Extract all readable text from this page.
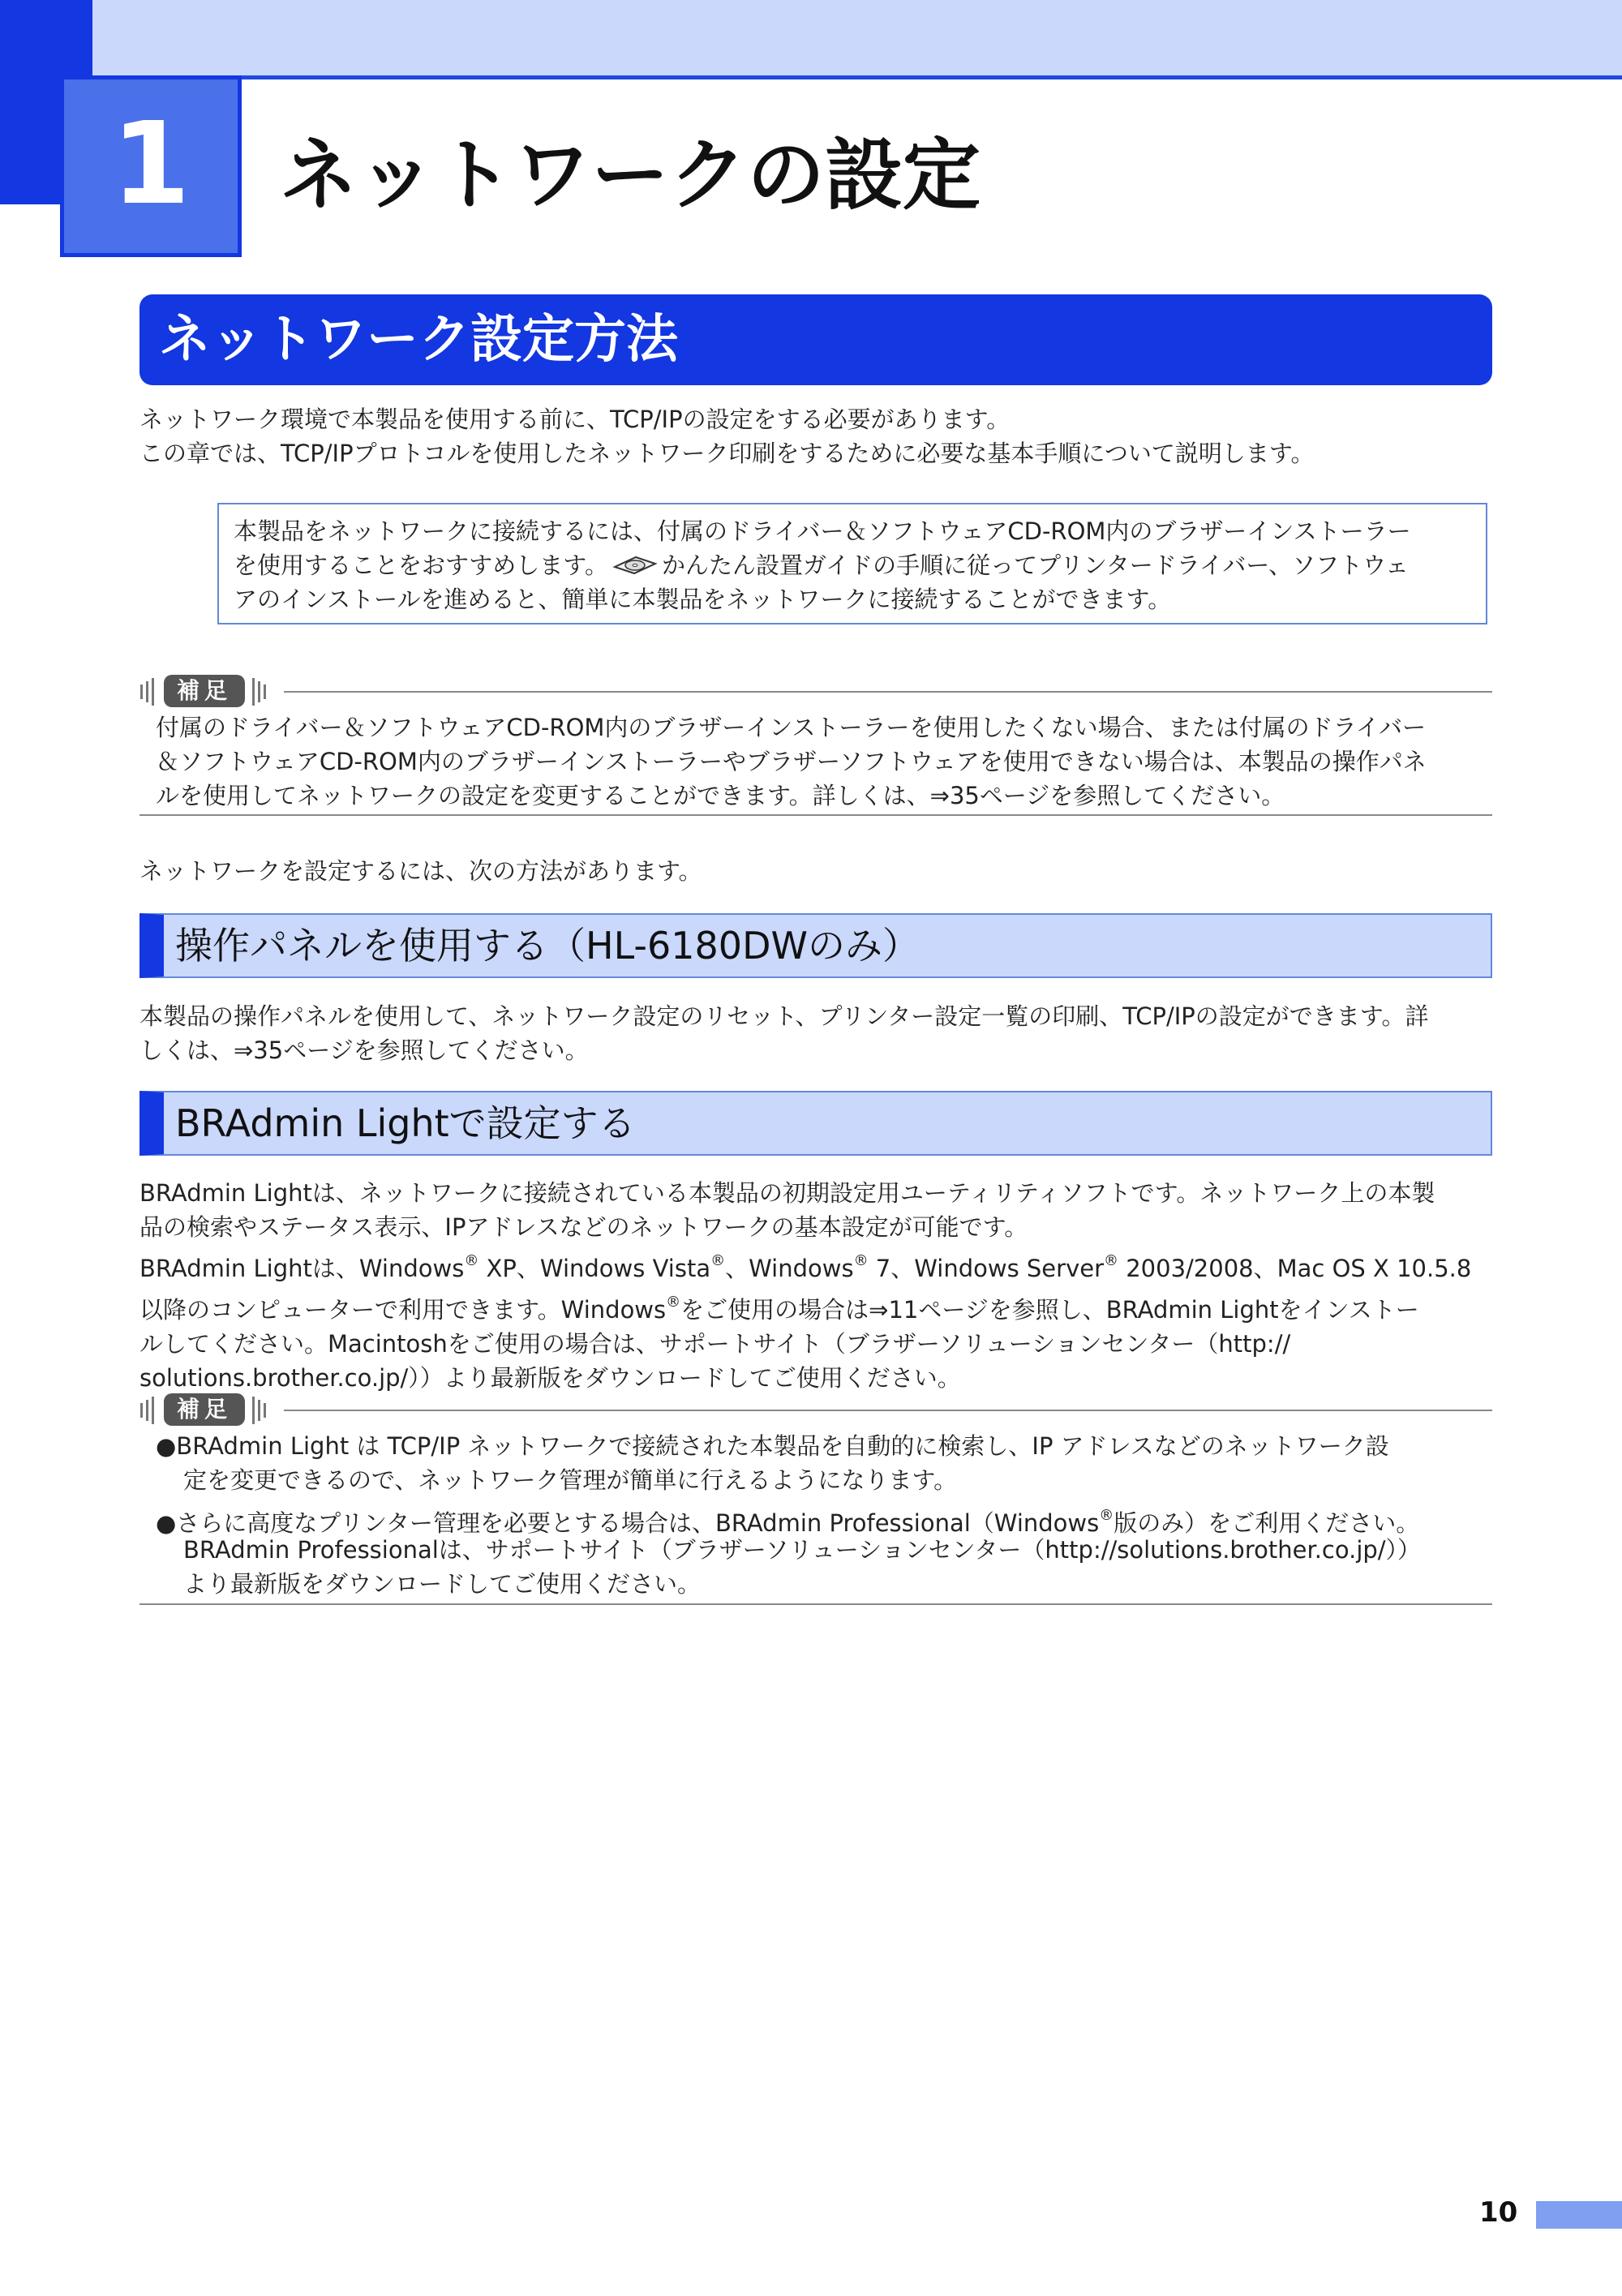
1	ネットワークの設定
ネットワーク設定方法
ネットワーク環境で本製品を使用する前に、TCP/IPの設定をする必要があります。
この章では、TCP/IPプロトコルを使用したネットワーク印刷をするために必要な基本手順について説明します。
本製品をネットワークに接続するには、付属のドライバー＆ソフトウェアCD-ROM内のブラザーインストーラー
を使用することをおすすめします。 かんたん設置ガイドの手順に従ってプリンタードライバー、ソフトウェ
アのインストールを進めると、簡単に本製品をネットワークに接続することができます。
補足
付属のドライバー＆ソフトウェアCD-ROM内のブラザーインストーラーを使用したくない場合、または付属のドライバー
＆ソフトウェアCD-ROM内のブラザーインストーラーやブラザーソフトウェアを使用できない場合は、本製品の操作パネ
ルを使用してネットワークの設定を変更することができます。詳しくは、⇒35ページを参照してください。
ネットワークを設定するには、次の方法があります。
操作パネルを使用する（HL-6180DWのみ）
本製品の操作パネルを使用して、ネットワーク設定のリセット、プリンター設定一覧の印刷、TCP/IPの設定ができます。詳
しくは、⇒35ページを参照してください。
BRAdmin Lightで設定する
BRAdmin Lightは、ネットワークに接続されている本製品の初期設定用ユーティリティソフトです。ネットワーク上の本製
品の検索やステータス表示、IPアドレスなどのネットワークの基本設定が可能です。
BRAdmin Lightは、Windows® XP、Windows Vista®、Windows® 7、Windows Server® 2003/2008、Mac OS X 10.5.8
以降のコンピューターで利用できます。Windows®をご使用の場合は⇒11ページを参照し、BRAdmin Lightをインストー
ルしてください。Macintoshをご使用の場合は、サポートサイト（ブラザーソリューションセンター（http://
solutions.brother.co.jp/））より最新版をダウンロードしてご使用ください。
補足
●BRAdmin Light は TCP/IP ネットワークで接続された本製品を自動的に検索し、IP アドレスなどのネットワーク設
定を変更できるので、ネットワーク管理が簡単に行えるようになります。
●さらに高度なプリンター管理を必要とする場合は、BRAdmin Professional（Windows®版のみ）をご利用ください。
BRAdmin Professionalは、サポートサイト（ブラザーソリューションセンター（http://solutions.brother.co.jp/））
より最新版をダウンロードしてご使用ください。
10
